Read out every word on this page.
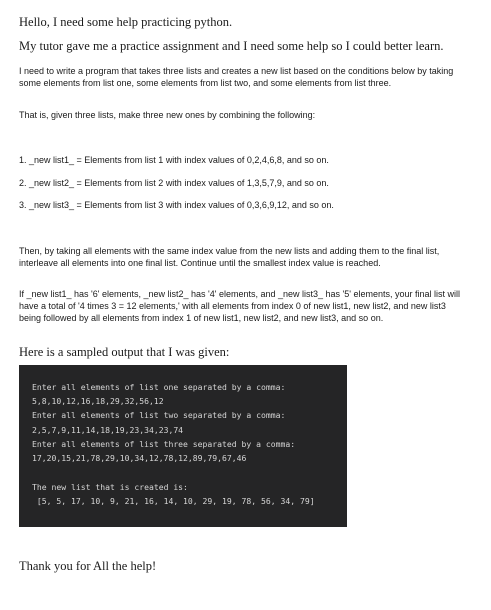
Hello, I need some help practicing python.

My tutor gave me a practice assignment and I need some help so I could better learn.

I need to write a program that takes three lists and creates a new list based on the conditions below by taking some elements from list one, some elements from list two, and some elements from list three.

That is, given three lists, make three new ones by combining the following:

1. _new list1_ = Elements from list 1 with index values of 0,2,4,6,8, and so on.

2. _new list2_ = Elements from list 2 with index values of 1,3,5,7,9, and so on.

3. _new list3_ = Elements from list 3 with index values of 0,3,6,9,12, and so on.

Then, by taking all elements with the same index value from the new lists and adding them to the final list, interleave all elements into one final list. Continue until the smallest index value is reached.

If _new list1_ has '6' elements, _new list2_ has '4' elements, and _new list3_ has '5' elements, your final list will have a total of '4 times 3 = 12 elements,' with all elements from index 0 of new list1, new list2, and new list3 being followed by all elements from index 1 of new list1, new list2, and new list3, and so on.

Here is a sampled output that I was given:

Enter all elements of list one separated by a comma:

5,8,10,12,16,18,29,32,56,12

Enter all elements of list two separated by a comma:

2,5,7,9,11,14,18,19,23,34,23,74

Enter all elements of list three separated by a comma:

17,20,15,21,78,29,10,34,12,78,12,89,79,67,46

The new list that is created is:

[5, 5, 17, 10, 9, 21, 16, 14, 10, 29, 19, 78, 56, 34, 79]

Thank you for All the help!
